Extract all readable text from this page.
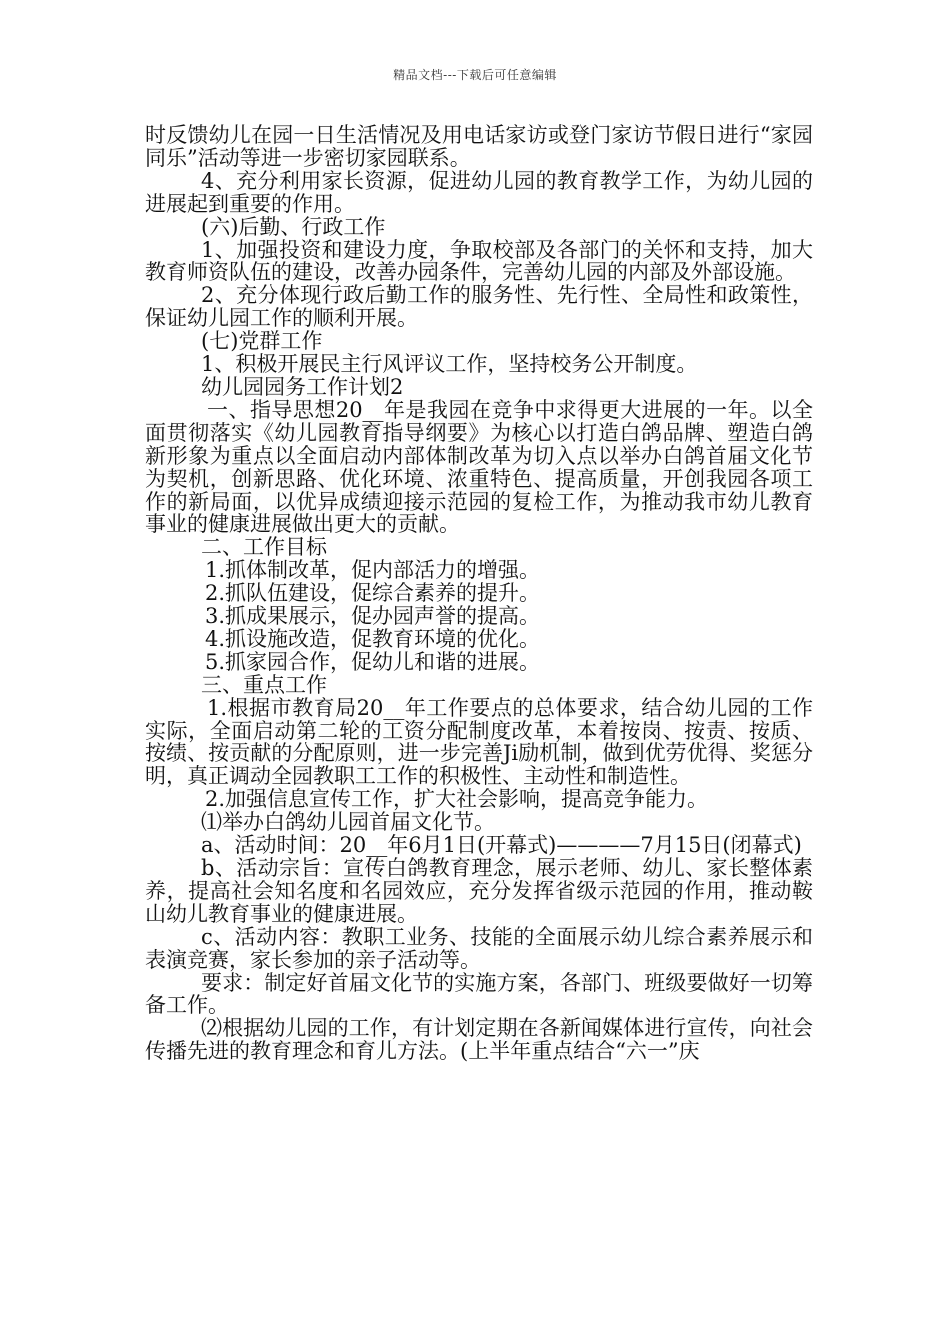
精品文档---下载后可任意编辑

时反馈幼儿在园一日生活情况及用电话家访或登门家访节假日进行“家园同乐”活动等进一步密切家园联系。

4、充分利用家长资源，促进幼儿园的教育教学工作，为幼儿园的进展起到重要的作用。

(六)后勤、行政工作

1、加强投资和建设力度，争取校部及各部门的关怀和支持，加大教育师资队伍的建设，改善办园条件，完善幼儿园的内部及外部设施。

2、充分体现行政后勤工作的服务性、先行性、全局性和政策性，保证幼儿园工作的顺利开展。

(七)党群工作

1、积极开展民主行风评议工作，坚持校务公开制度。

幼儿园园务工作计划2

一、指导思想20__年是我园在竞争中求得更大进展的一年。以全面贯彻落实《幼儿园教育指导纲要》为核心以打造白鸽品牌、塑造白鸽新形象为重点以全面启动内部体制改革为切入点以举办白鸽首届文化节为契机，创新思路、优化环境、浓重特色、提高质量，开创我园各项工作的新局面，以优异成绩迎接示范园的复检工作，为推动我市幼儿教育事业的健康进展做出更大的贡献。

二、工作目标

1.抓体制改革，促内部活力的增强。

2.抓队伍建设，促综合素养的提升。

3.抓成果展示，促办园声誉的提高。

4.抓设施改造，促教育环境的优化。

5.抓家园合作，促幼儿和谐的进展。

三、重点工作

1.根据市教育局20__年工作要点的总体要求，结合幼儿园的工作实际，全面启动第二轮的工资分配制度改革，本着按岗、按责、按质、按绩、按贡献的分配原则，进一步完善Ji励机制，做到优劳优得、奖惩分明，真正调动全园教职工工作的积极性、主动性和制造性。

2.加强信息宣传工作，扩大社会影响，提高竞争能力。

⑴举办白鸽幼儿园首届文化节。

a、活动时间：20__年6月1日(开幕式)————7月15日(闭幕式)

b、活动宗旨：宣传白鸽教育理念，展示老师、幼儿、家长整体素养，提高社会知名度和名园效应，充分发挥省级示范园的作用，推动鞍山幼儿教育事业的健康进展。

c、活动内容：教职工业务、技能的全面展示幼儿综合素养展示和表演竞赛，家长参加的亲子活动等。

要求：制定好首届文化节的实施方案，各部门、班级要做好一切筹备工作。

⑵根据幼儿园的工作，有计划定期在各新闻媒体进行宣传，向社会传播先进的教育理念和育儿方法。(上半年重点结合“六一”庆
